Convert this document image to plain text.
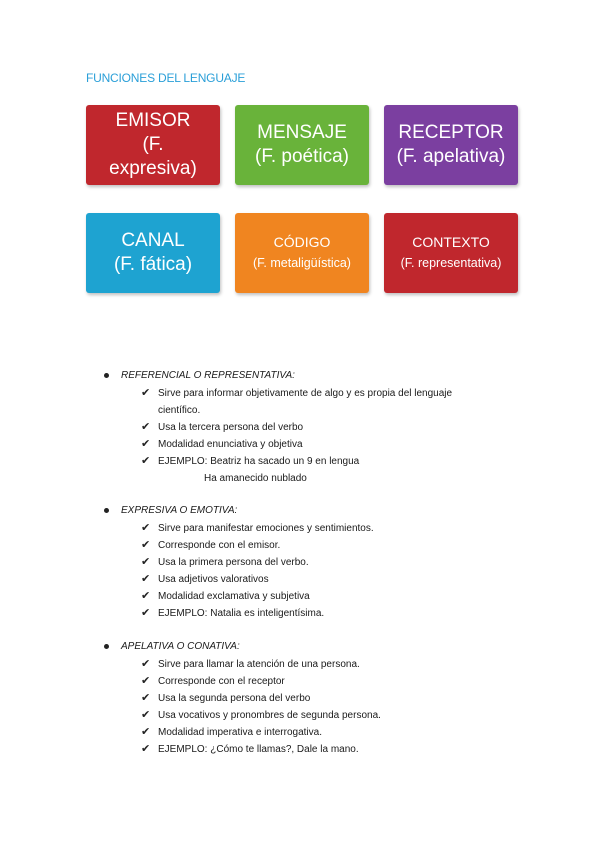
FUNCIONES DEL LENGUAJE
EMISOR
(F.
expresiva)
MENSAJE
(F. poética)
RECEPTOR
(F. apelativa)
CANAL
(F. fática)
CÓDIGO
(F. metaligüística)
CONTEXTO
(F. representativa)
REFERENCIAL O REPRESENTATIVA:
✔ Sirve para informar objetivamente de algo y es propia del lenguaje
científico.
✔ Usa la tercera persona del verbo
✔ Modalidad enunciativa y objetiva
✔ EJEMPLO: Beatriz ha sacado un 9 en lengua
Ha amanecido nublado
EXPRESIVA O EMOTIVA:
✔ Sirve para manifestar emociones y sentimientos.
✔ Corresponde con el emisor.
✔ Usa la primera persona del verbo.
✔ Usa adjetivos valorativos
✔ Modalidad exclamativa y subjetiva
✔ EJEMPLO: Natalia es inteligentísima.
APELATIVA O CONATIVA:
✔ Sirve para llamar la atención de una persona.
✔ Corresponde con el receptor
✔ Usa la segunda persona del verbo
✔ Usa vocativos y pronombres de segunda persona.
✔ Modalidad imperativa e interrogativa.
✔ EJEMPLO: ¿Cómo te llamas?, Dale la mano.
